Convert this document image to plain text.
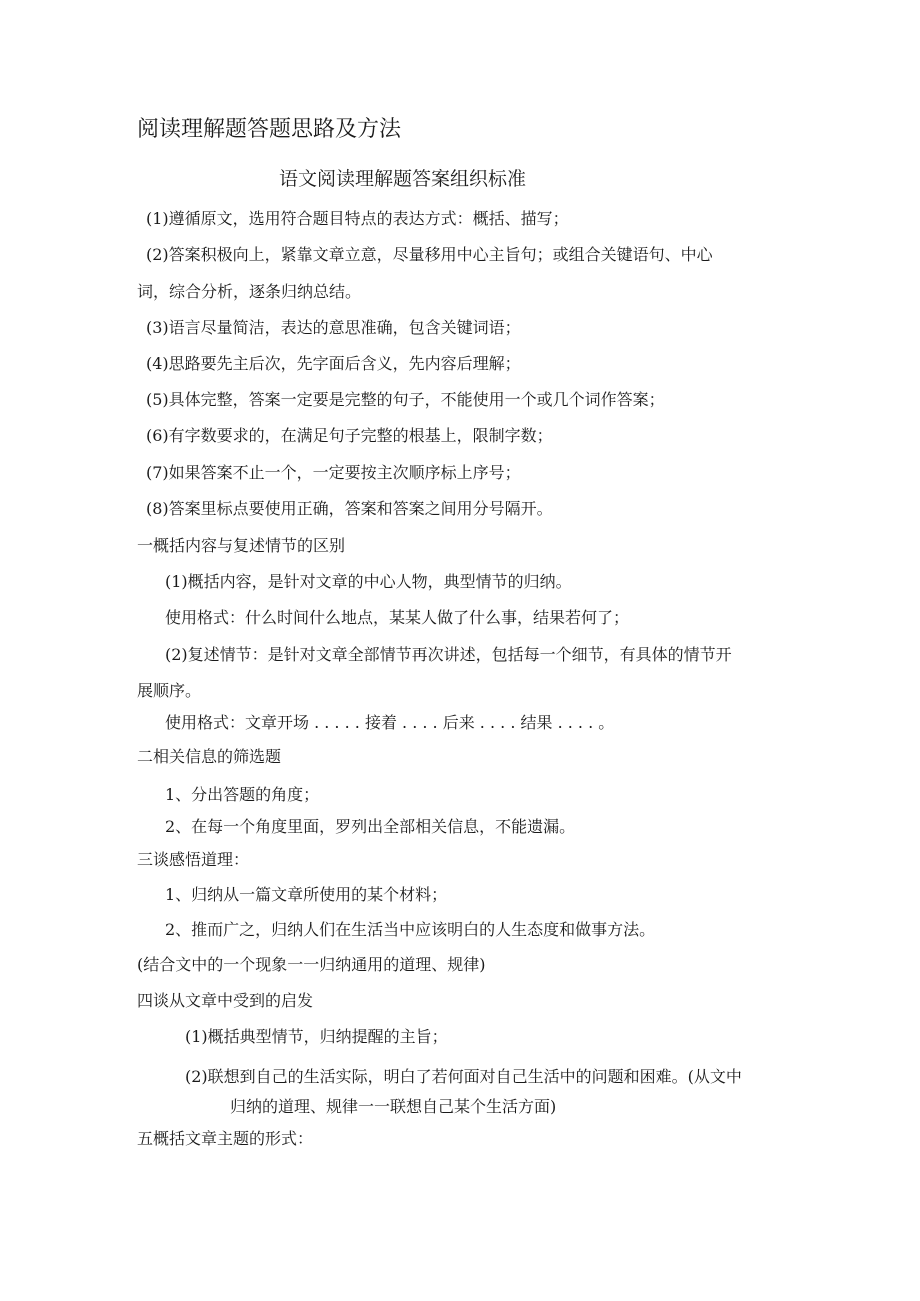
阅读理解题答题思路及方法
语文阅读理解题答案组织标准
(1)遵循原文，选用符合题目特点的表达方式：概括、描写；
(2)答案积极向上，紧靠文章立意，尽量移用中心主旨句；或组合关键语句、中心
词，综合分析，逐条归纳总结。
(3)语言尽量简洁，表达的意思准确，包含关键词语；
(4)思路要先主后次，先字面后含义，先内容后理解；
(5)具体完整，答案一定要是完整的句子，不能使用一个或几个词作答案；
(6)有字数要求的，在满足句子完整的根基上，限制字数；
(7)如果答案不止一个，一定要按主次顺序标上序号；
(8)答案里标点要使用正确，答案和答案之间用分号隔开。
一概括内容与复述情节的区别
(1)概括内容，是针对文章的中心人物，典型情节的归纳。
使用格式：什么时间什么地点，某某人做了什么事，结果若何了；
(2)复述情节：是针对文章全部情节再次讲述，包括每一个细节，有具体的情节开
展顺序。
使用格式：文章开场 . . . . . 接着 . . . . 后来 . . . . 结果 . . . . 。
二相关信息的筛选题
1、分出答题的角度；
2、在每一个角度里面，罗列出全部相关信息，不能遗漏。
三谈感悟道理：
1、归纳从一篇文章所使用的某个材料；
2、推而广之，归纳人们在生活当中应该明白的人生态度和做事方法。
(结合文中的一个现象一一归纳通用的道理、规律)
四谈从文章中受到的启发
(1)概括典型情节，归纳提醒的主旨；
(2)联想到自己的生活实际，明白了若何面对自己生活中的问题和困难。(从文中
归纳的道理、规律一一联想自己某个生活方面)
五概括文章主题的形式：
